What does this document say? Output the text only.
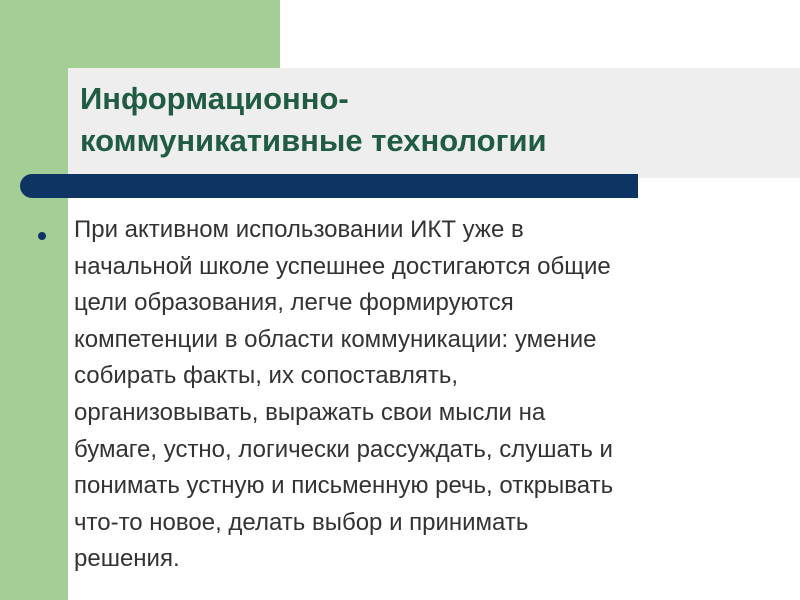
Информационно-
коммуникативные технологии

При активном использовании ИКТ уже в
начальной школе успешнее достигаются общие
цели образования, легче формируются
компетенции в области коммуникации: умение
собирать факты, их сопоставлять,
организовывать, выражать свои мысли на
бумаге, устно, логически рассуждать, слушать и
понимать устную и письменную речь, открывать
что-то новое, делать выбор и принимать
решения.
